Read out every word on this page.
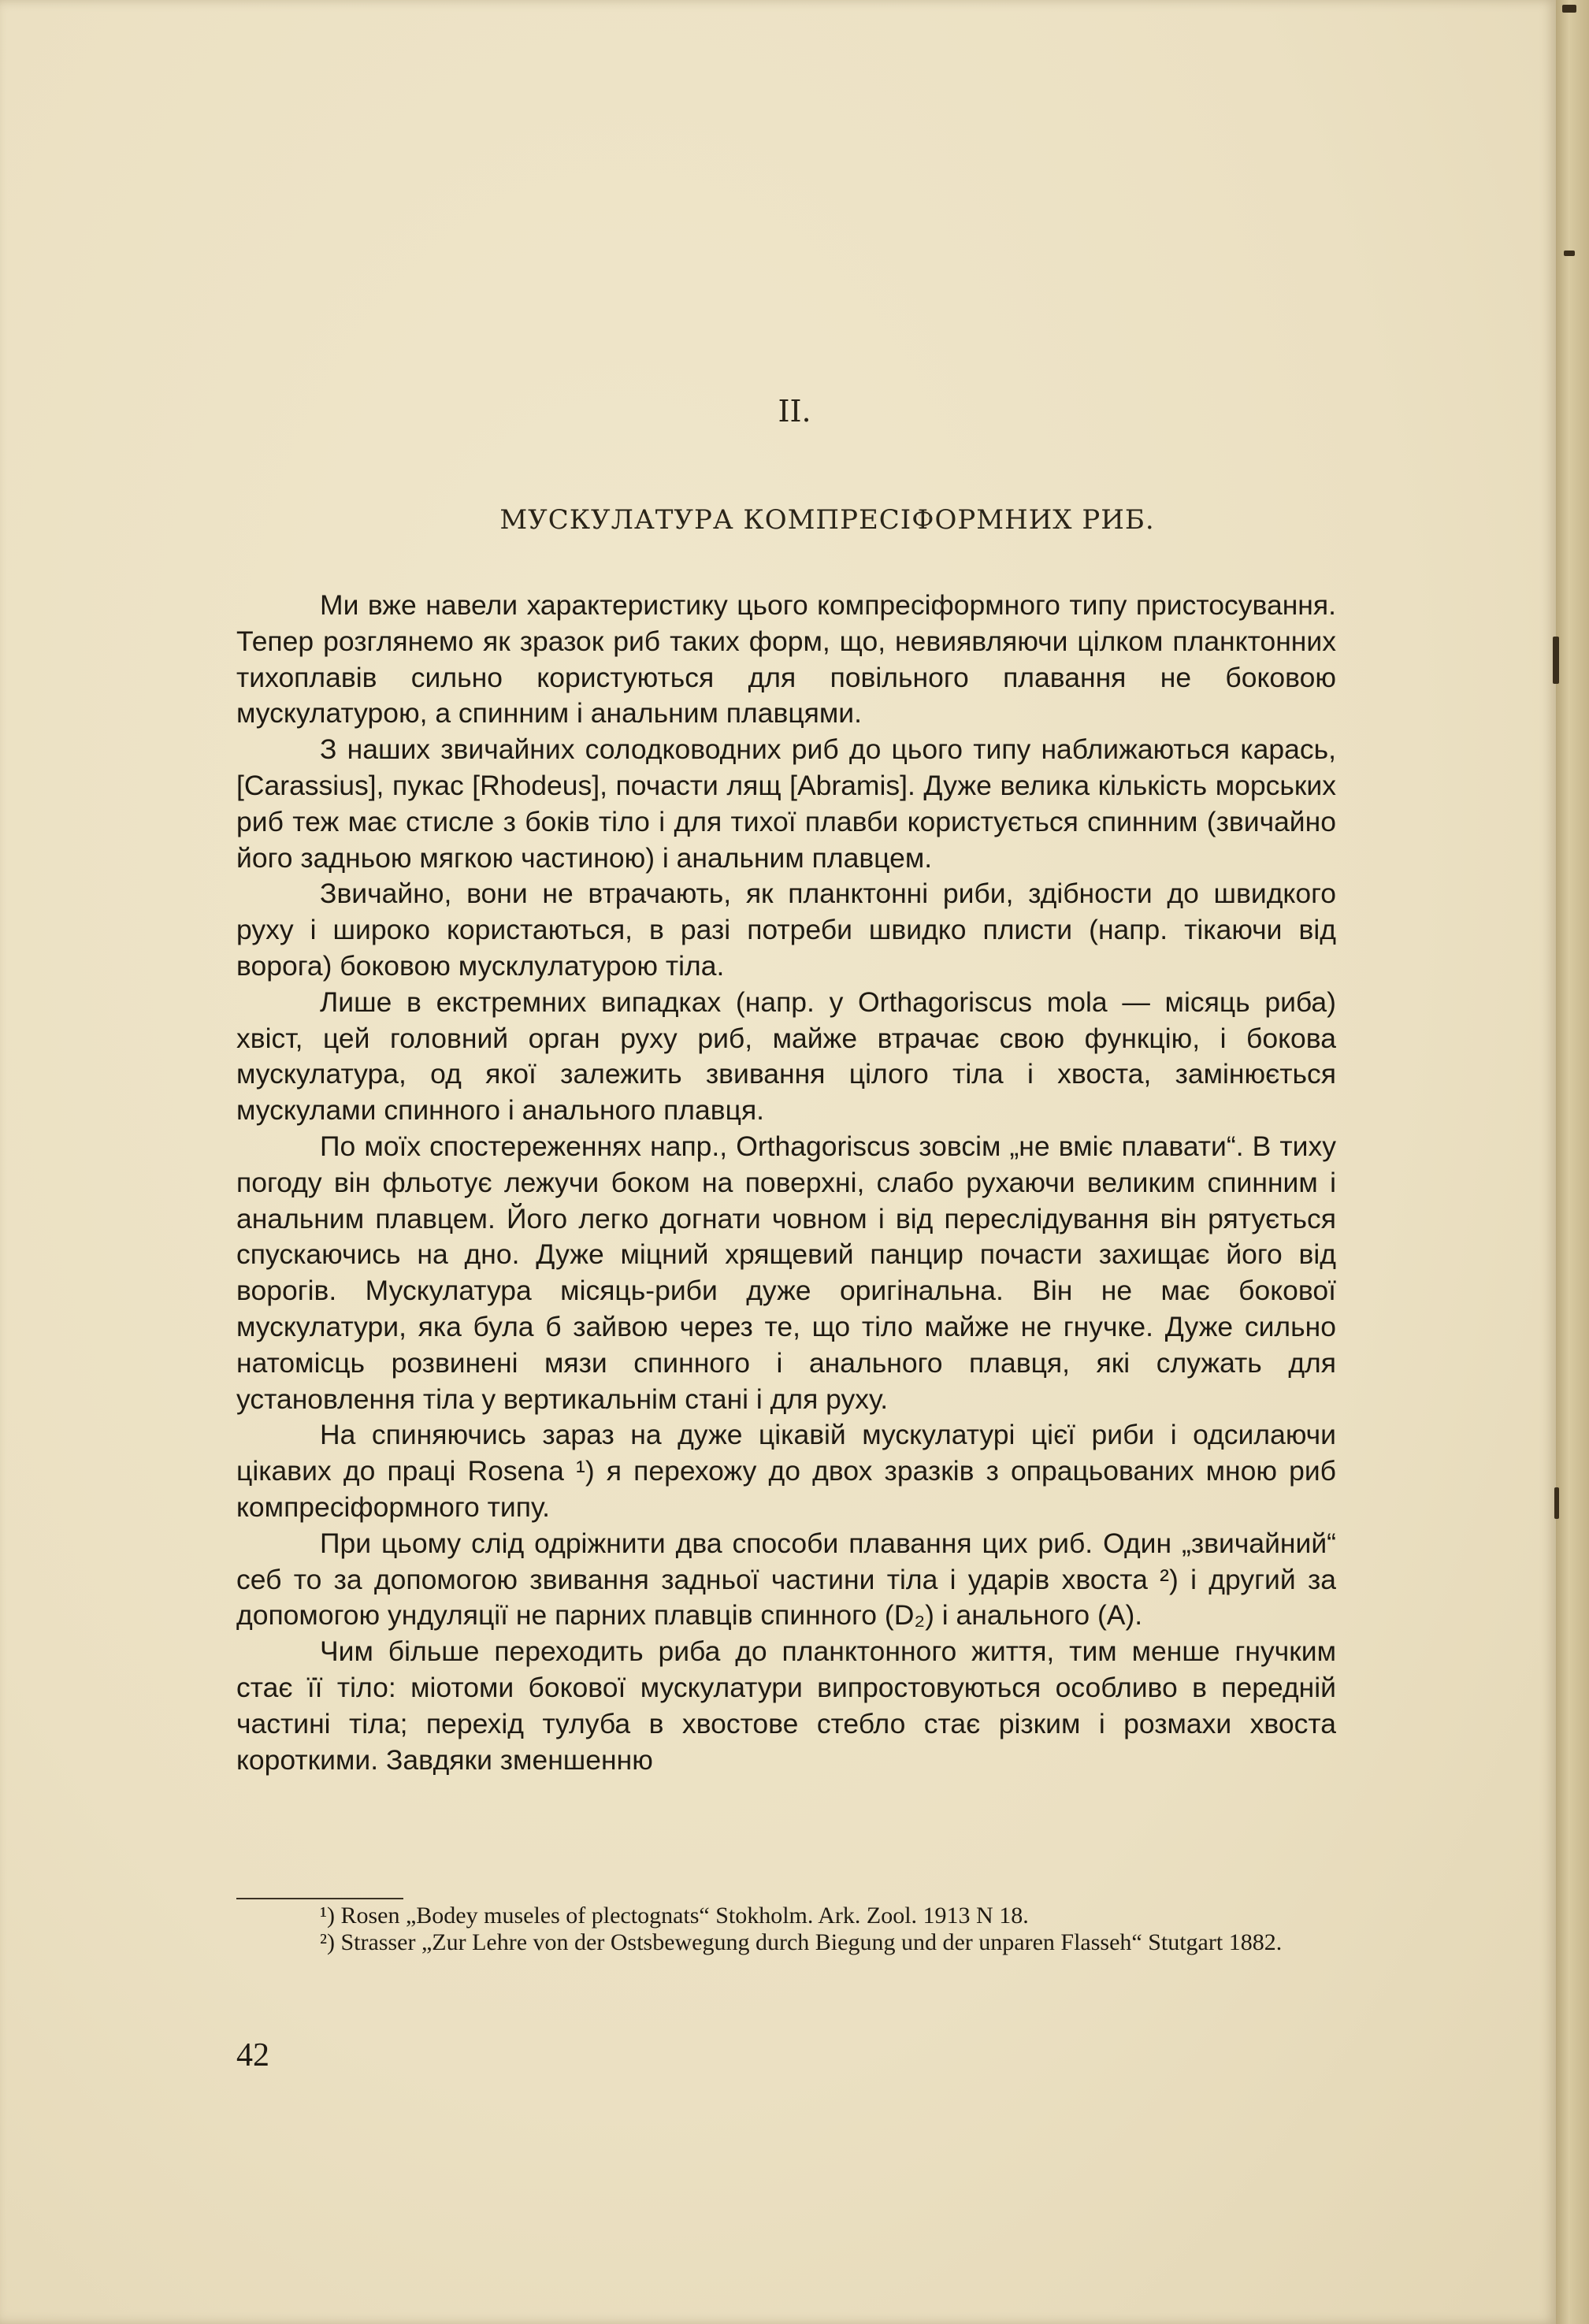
II.
МУСКУЛАТУРА КОМПРЕСІФОРМНИХ РИБ.

Ми вже навели характеристику цього компресіформного типу пристосування. Тепер розглянемо як зразок риб таких форм, що, невиявляючи цілком планктонних тихоплавів сильно користуються для повільного плавання не боковою мускулатурою, а спинним і анальним плавцями.

З наших звичайних солодководних риб до цього типу наближаються карась, [Carassius], пукас [Rhodeus], почасти лящ [Abramis]. Дуже велика кількість морських риб теж має стисле з боків тіло і для тихої плавби користується спинним (звичайно його задньою мягкою частиною) і анальним плавцем.

Звичайно, вони не втрачають, як планктонні риби, здібности до швидкого руху і широко користаються, в разі потреби швидко плисти (напр. тікаючи від ворога) боковою мусклулатурою тіла.

Лише в екстремних випадках (напр. у Orthagoriscus mola — місяць риба) хвіст, цей головний орган руху риб, майже втрачає свою функцію, і бокова мускулатура, од якої залежить звивання цілого тіла і хвоста, замінюється мускулами спинного і анального плавця.

По моїх спостереженнях напр., Orthagoriscus зовсім „не вміє плавати“. В тиху погоду він фльотує лежучи боком на поверхні, слабо рухаючи великим спинним і анальним плавцем. Його легко догнати човном і від переслідування він рятується спускаючись на дно. Дуже міцний хрящевий панцир почасти захищає його від ворогів. Мускулатура місяць-риби дуже оригінальна. Він не має бокової мускулатури, яка була б зайвою через те, що тіло майже не гнучке. Дуже сильно натомісць розвинені мязи спинного і анального плавця, які служать для установлення тіла у вертикальнім стані і для руху.

На спиняючись зараз на дуже цікавій мускулатурі цієї риби і одсилаючи цікавих до праці Rosena ¹) я перехожу до двох зразків з опрацьованих мною риб компресіформного типу.

При цьому слід одріжнити два способи плавання цих риб. Один „звичайний“ себ то за допомогою звивання задньої частини тіла і ударів хвоста ²) і другий за допомогою ундуляції не парних плавців спинного (D₂) і анального (A).

Чим більше переходить риба до планктонного життя, тим менше гнучким стає її тіло: міотоми бокової мускулатури випростовуються особливо в передній частині тіла; перехід тулуба в хвостове стебло стає різким і розмахи хвоста короткими. Завдяки зменшенню

¹) Rosen „Bodey museles of plectognats“ Stokholm. Ark. Zool. 1913 N 18.

²) Strasser „Zur Lehre von der Ostsbewegung durch Biegung und der unparen Flasseh“ Stutgart 1882.

42
